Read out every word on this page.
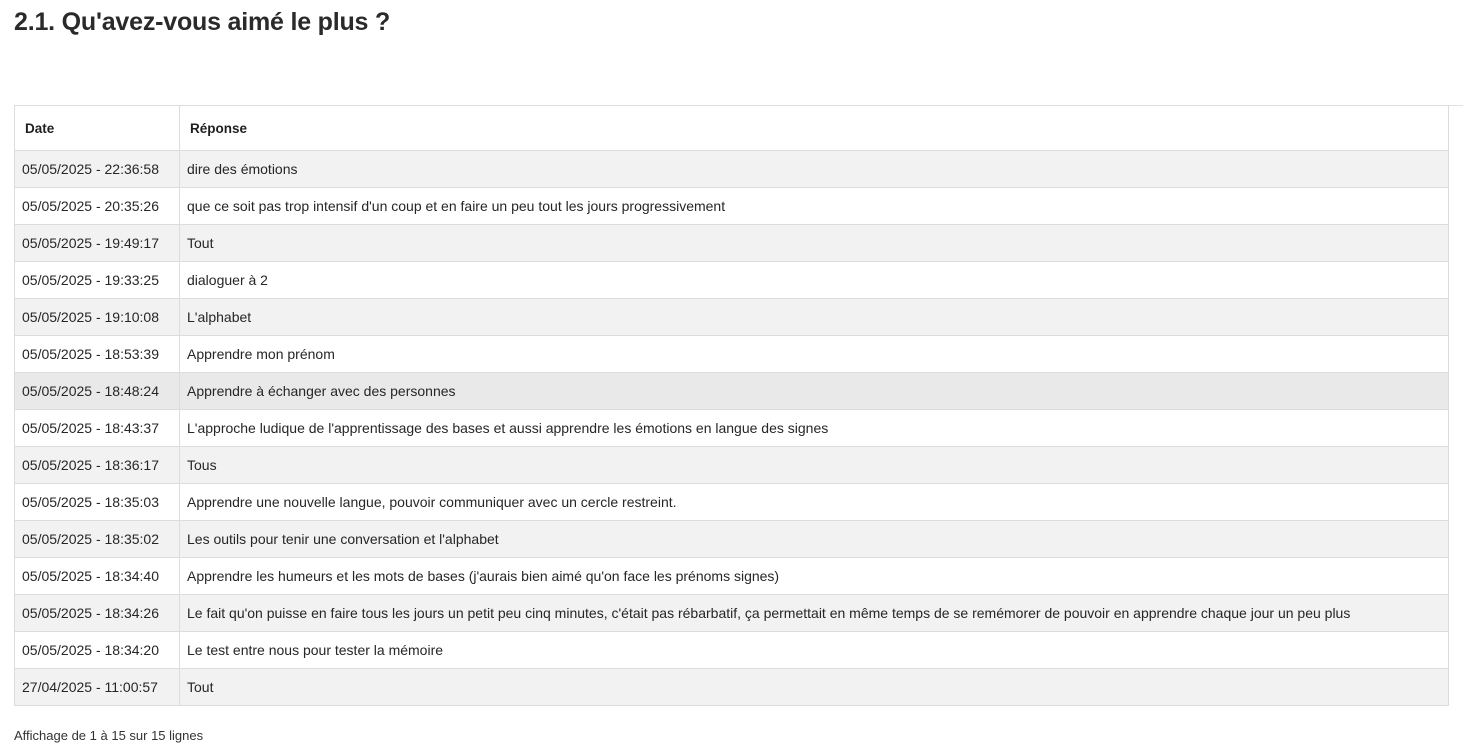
2.1. Qu'avez-vous aimé le plus ?
Date	Réponse
05/05/2025 - 22:36:58	dire des émotions
05/05/2025 - 20:35:26	que ce soit pas trop intensif d'un coup et en faire un peu tout les jours progressivement
05/05/2025 - 19:49:17	Tout
05/05/2025 - 19:33:25	dialoguer à 2
05/05/2025 - 19:10:08	L'alphabet
05/05/2025 - 18:53:39	Apprendre mon prénom
05/05/2025 - 18:48:24	Apprendre à échanger avec des personnes
05/05/2025 - 18:43:37	L'approche ludique de l'apprentissage des bases et aussi apprendre les émotions en langue des signes
05/05/2025 - 18:36:17	Tous
05/05/2025 - 18:35:03	Apprendre une nouvelle langue, pouvoir communiquer avec un cercle restreint.
05/05/2025 - 18:35:02	Les outils pour tenir une conversation et l'alphabet
05/05/2025 - 18:34:40	Apprendre les humeurs et les mots de bases (j'aurais bien aimé qu'on face les prénoms signes)
05/05/2025 - 18:34:26	Le fait qu'on puisse en faire tous les jours un petit peu cinq minutes, c'était pas rébarbatif, ça permettait en même temps de se remémorer de pouvoir en apprendre chaque jour un peu plus
05/05/2025 - 18:34:20	Le test entre nous pour tester la mémoire
27/04/2025 - 11:00:57	Tout
Affichage de 1 à 15 sur 15 lignes
